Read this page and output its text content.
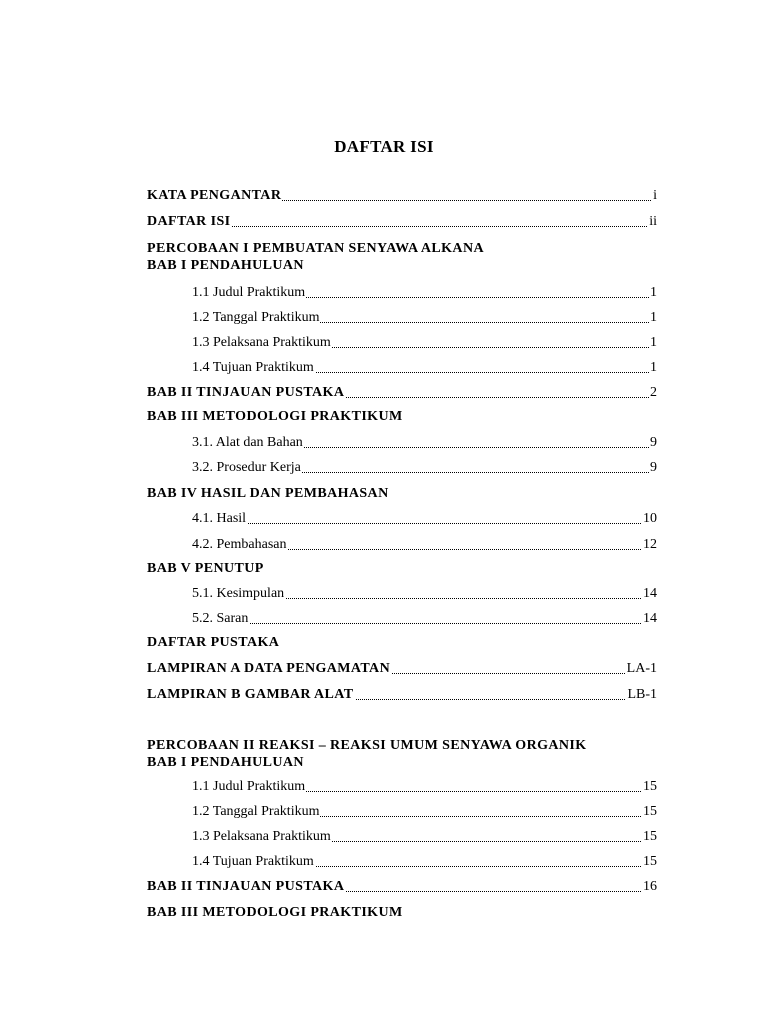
DAFTAR ISI
KATA PENGANTAR	i
DAFTAR ISI	ii
PERCOBAAN I PEMBUATAN SENYAWA ALKANA
BAB I PENDAHULUAN
1.1 Judul Praktikum	1
1.2 Tanggal Praktikum	1
1.3 Pelaksana Praktikum	1
1.4 Tujuan Praktikum	1
BAB II TINJAUAN PUSTAKA	2
BAB III METODOLOGI PRAKTIKUM
3.1. Alat dan Bahan	9
3.2. Prosedur Kerja	9
BAB IV HASIL DAN PEMBAHASAN
4.1. Hasil	10
4.2. Pembahasan	12
BAB V PENUTUP
5.1. Kesimpulan	14
5.2. Saran	14
DAFTAR PUSTAKA
LAMPIRAN A DATA PENGAMATAN	LA-1
LAMPIRAN B GAMBAR ALAT	LB-1
PERCOBAAN II REAKSI – REAKSI UMUM SENYAWA ORGANIK
BAB I PENDAHULUAN
1.1 Judul Praktikum	15
1.2 Tanggal Praktikum	15
1.3 Pelaksana Praktikum	15
1.4 Tujuan Praktikum	15
BAB II TINJAUAN PUSTAKA	16
BAB III METODOLOGI PRAKTIKUM
